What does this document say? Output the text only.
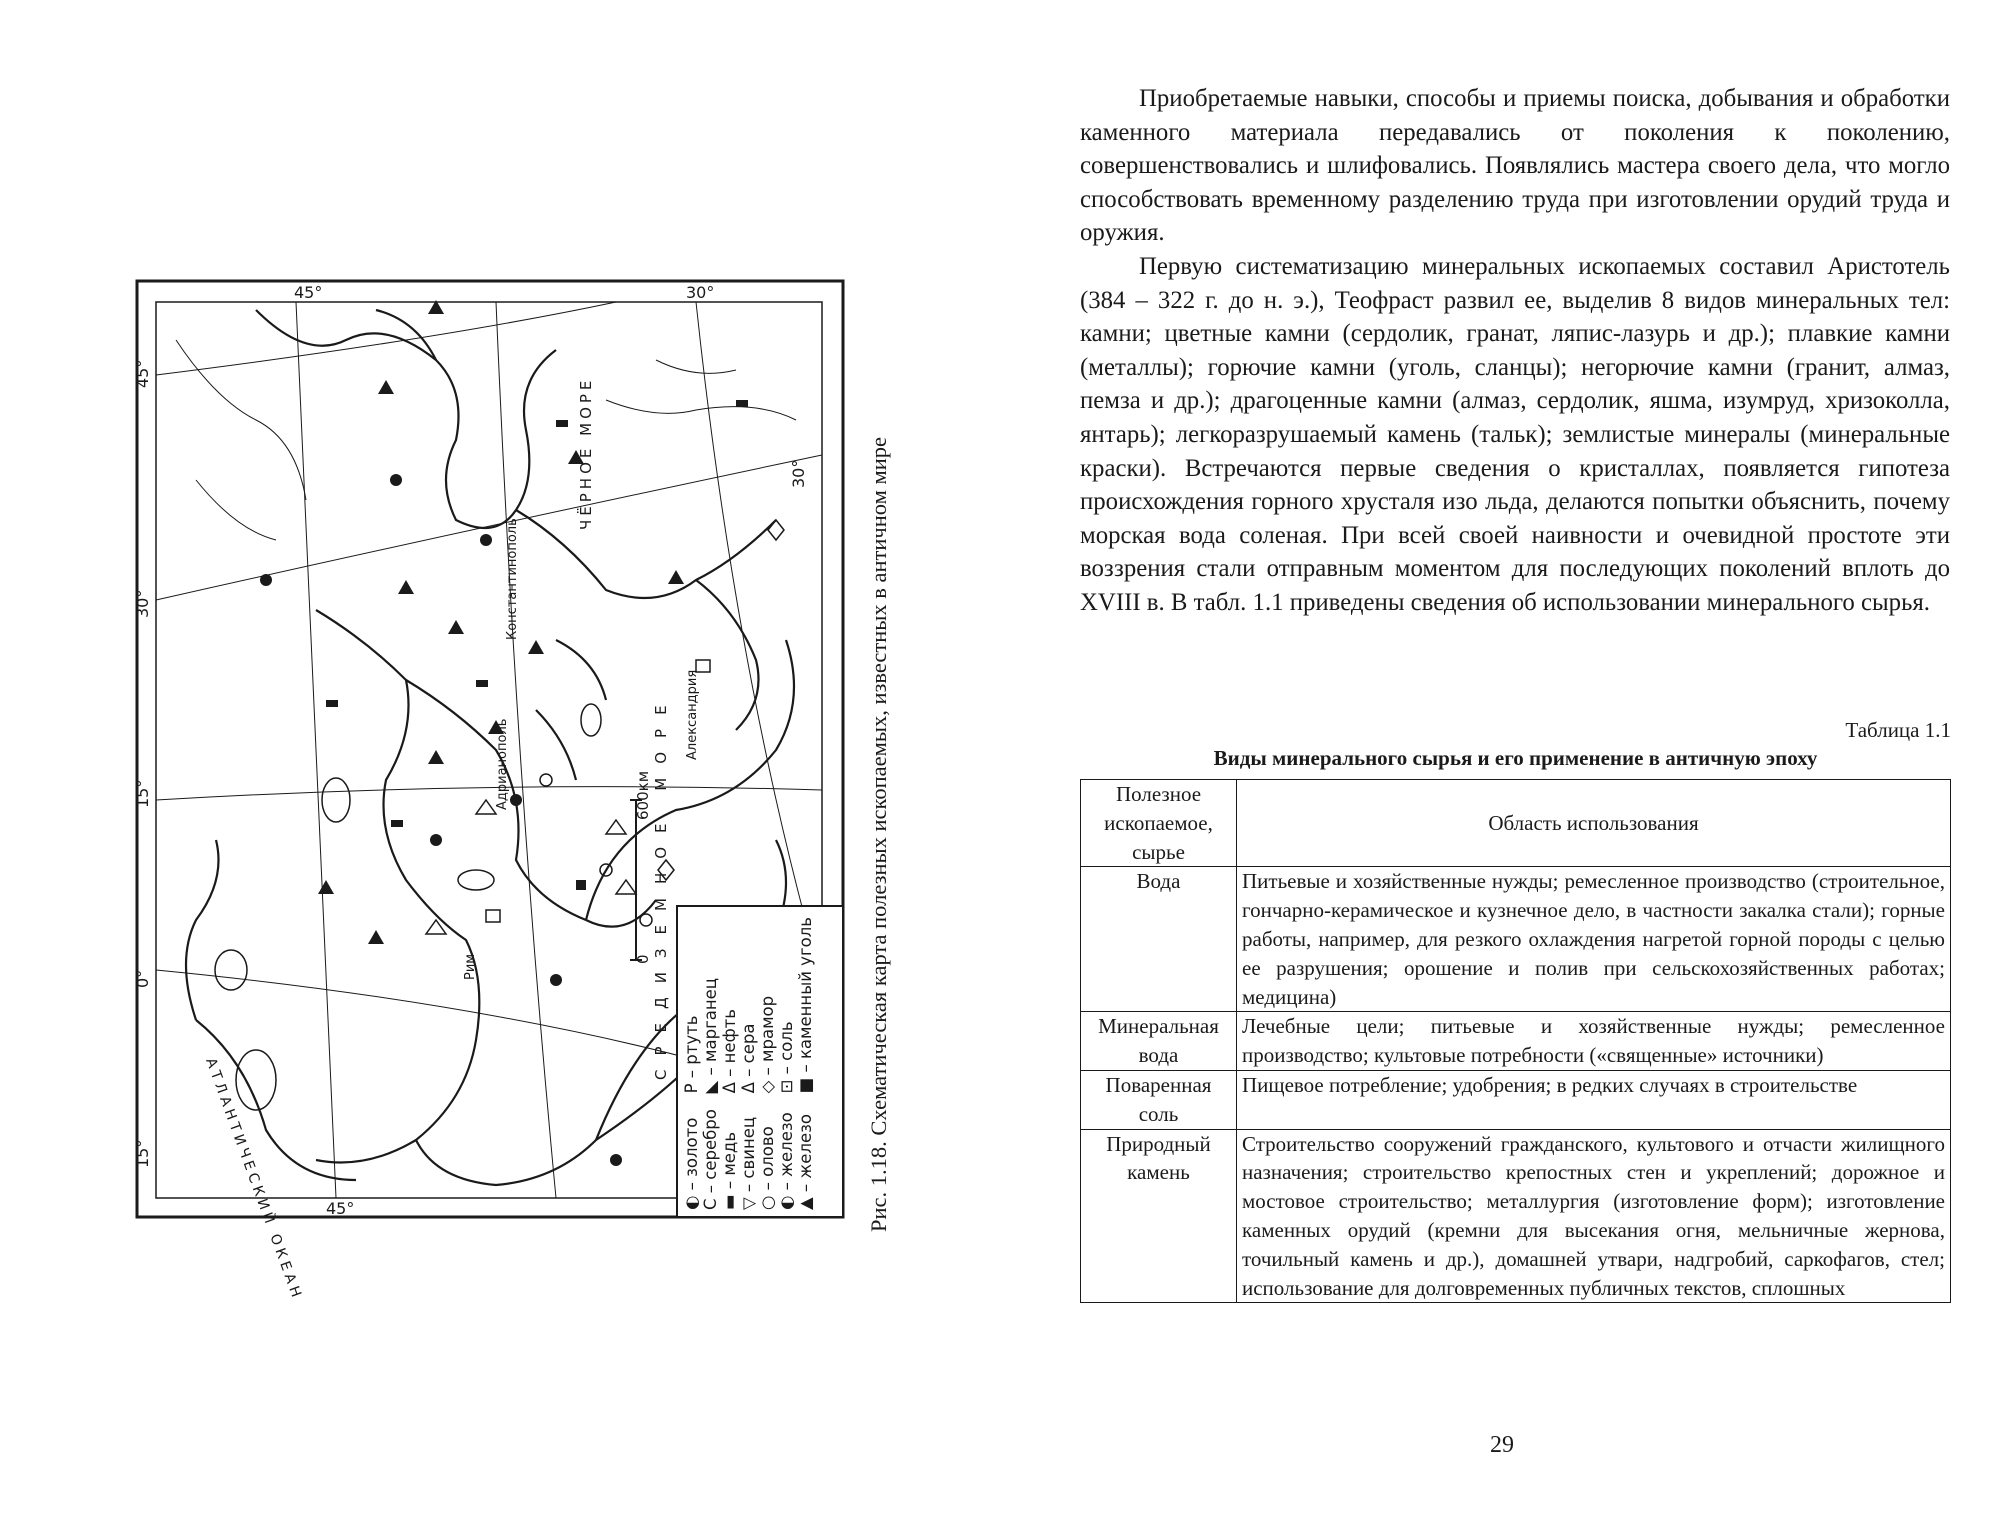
600км
0
45°
30°
15°
0°
15°
45°
30°
45°
30°
ЧЁРНОЕ МОРЕ
СРЕДИЗЕМНОЕ МОРЕ
АТЛАНТИЧЕСКИЙ ОКЕАН
Константинополь
Адрианополь
Александрия
Рим
◐ – золото С – серебро ▬ – медь ▽ – свинец ○ – олово ◐ – железо ▲ – железо
Р – ртуть ◣ – марганец Δ – нефть Δ – сера ◇ – мрамор ⊡ – соль ■ – каменный уголь Рис. 1.18. Схематическая карта полезных ископаемых, известных в античном мире

Приобретаемые навыки, способы и приемы поиска, добывания и обработки каменного материала передавались от поколения к поколению, совершенствовались и шлифовались. Появлялись мастера своего дела, что могло способствовать временному разделению труда при изготовлении орудий труда и оружия.

Первую систематизацию минеральных ископаемых составил Аристотель (384 – 322 г. до н. э.), Теофраст развил ее, выделив 8 видов минеральных тел: камни; цветные камни (сердолик, гранат, ляпис-лазурь и др.); плавкие камни (металлы); горючие камни (уголь, сланцы); негорючие камни (гранит, алмаз, пемза и др.); драгоценные камни (алмаз, сердолик, яшма, изумруд, хризоколла, янтарь); легкоразрушаемый камень (тальк); землистые минералы (минеральные краски). Встречаются первые сведения о кристаллах, появляется гипотеза происхождения горного хрусталя изо льда, делаются попытки объяснить, почему морская вода соленая. При всей своей наивности и очевидной простоте эти воззрения стали отправным моментом для последующих поколений вплоть до XVIII в. В табл. 1.1 приведены сведения об использовании минерального сырья.

Таблица 1.1
Виды минерального сырья и его применение в античную эпоху
Полезное ископаемое, сырье	Область использования
Вода	Питьевые и хозяйственные нужды; ремесленное производство (строительное, гончарно-керамическое и кузнечное дело, в частности закалка стали); горные работы, например, для резкого охлаждения нагретой горной породы с целью ее разрушения; орошение и полив при сельскохозяйственных работах; медицина)
Минеральная вода	Лечебные цели; питьевые и хозяйственные нужды; ремесленное производство; культовые потребности («священные» источники)
Поваренная соль	Пищевое потребление; удобрения; в редких случаях в строительстве
Природный камень	Строительство сооружений гражданского, культового и отчасти жилищного назначения; строительство крепостных стен и укреплений; дорожное и мостовое строительство; металлургия (изготовление форм); изготовление каменных орудий (кремни для высекания огня, мельничные жернова, точильный камень и др.), домашней утвари, надгробий, саркофагов, стел; использование для долговременных публичных текстов, сплошных
29
